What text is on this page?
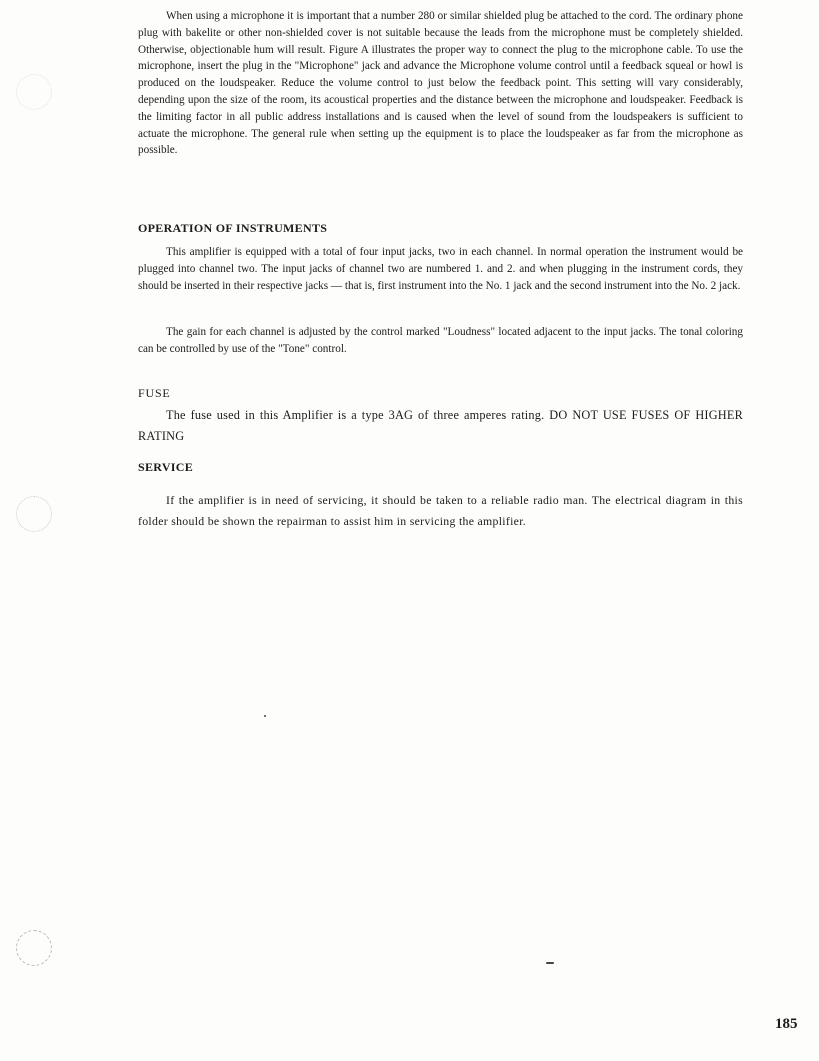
When using a microphone it is important that a number 280 or similar shielded plug be attached to the cord. The ordinary phone plug with bakelite or other non-shielded cover is not suitable because the leads from the microphone must be completely shielded. Otherwise, objectionable hum will result. Figure A illustrates the proper way to connect the plug to the microphone cable. To use the microphone, insert the plug in the "Microphone" jack and advance the Microphone volume control until a feedback squeal or howl is produced on the loudspeaker. Reduce the volume control to just below the feedback point. This setting will vary considerably, depending upon the size of the room, its acoustical properties and the distance between the microphone and loudspeaker. Feedback is the limiting factor in all public address installations and is caused when the level of sound from the loudspeakers is sufficient to actuate the microphone. The general rule when setting up the equipment is to place the loudspeaker as far from the microphone as possible.

OPERATION OF INSTRUMENTS

This amplifier is equipped with a total of four input jacks, two in each channel. In normal operation the instrument would be plugged into channel two. The input jacks of channel two are numbered 1. and 2. and when plugging in the instrument cords, they should be inserted in their respective jacks — that is, first instrument into the No. 1 jack and the second instrument into the No. 2 jack.

The gain for each channel is adjusted by the control marked "Loudness" located adjacent to the input jacks. The tonal coloring can be controlled by use of the "Tone" control.

FUSE

The fuse used in this Amplifier is a type 3AG of three amperes rating. DO NOT USE FUSES OF HIGHER RATING

SERVICE

If the amplifier is in need of servicing, it should be taken to a reliable radio man. The electrical diagram in this folder should be shown the repairman to assist him in servicing the amplifier.

185
